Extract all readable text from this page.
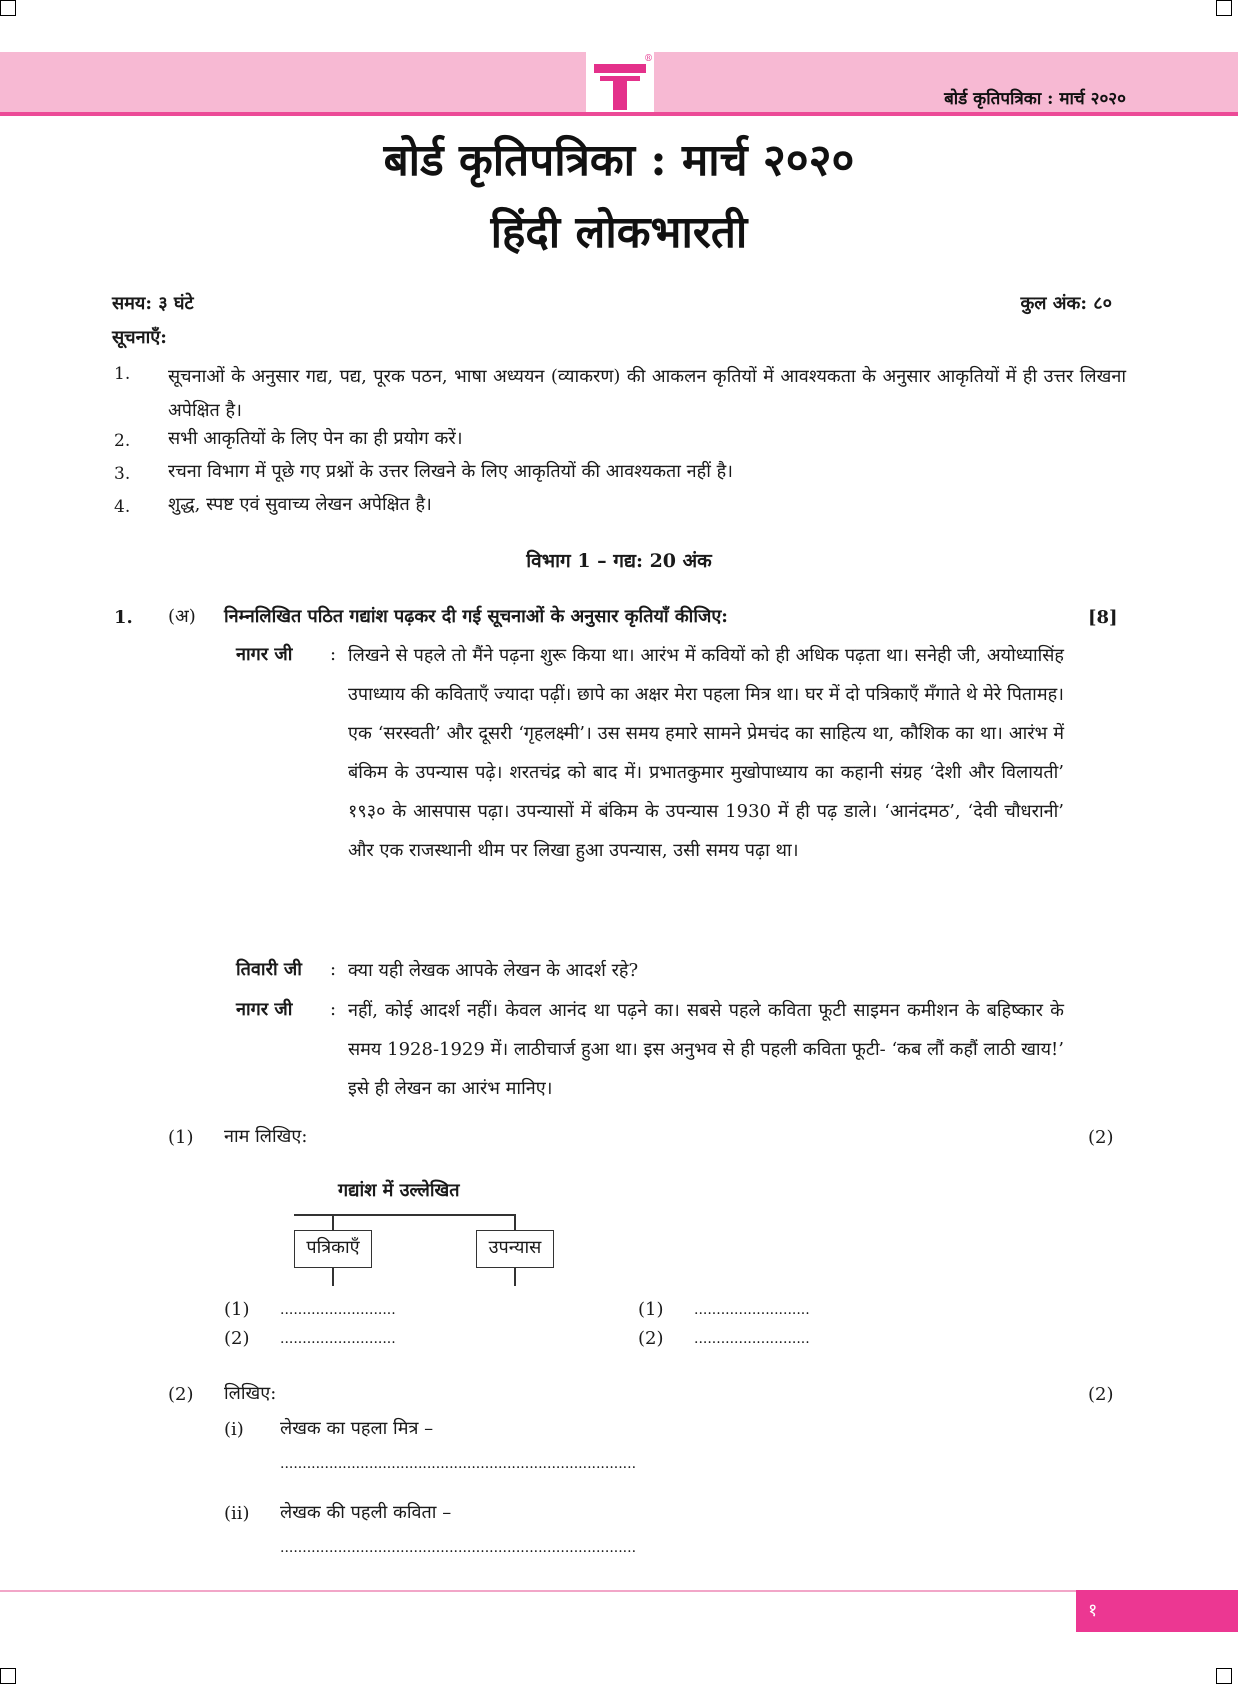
®
बोर्ड कृतिपत्रिका : मार्च २०२०
बोर्ड कृतिपत्रिका : मार्च २०२०
हिंदी लोकभारती
समय: ३ घंटे	कुल अंक: ८०
सूचनाएँ:
1. सूचनाओं के अनुसार गद्य, पद्य, पूरक पठन, भाषा अध्ययन (व्याकरण) की आकलन कृतियों में आवश्यकता के अनुसार आकृतियों में ही उत्तर लिखना अपेक्षित है।
2. सभी आकृतियों के लिए पेन का ही प्रयोग करें।
3. रचना विभाग में पूछे गए प्रश्नों के उत्तर लिखने के लिए आकृतियों की आवश्यकता नहीं है।
4. शुद्ध, स्पष्ट एवं सुवाच्य लेखन अपेक्षित है।
विभाग 1 – गद्य: 20 अंक
1. (अ) निम्नलिखित पठित गद्यांश पढ़कर दी गई सूचनाओं के अनुसार कृतियाँ कीजिए:	[8]
नागर जी : लिखने से पहले तो मैंने पढ़ना शुरू किया था। आरंभ में कवियों को ही अधिक पढ़ता था। सनेही जी, अयोध्यासिंह उपाध्याय की कविताएँ ज्यादा पढ़ीं। छापे का अक्षर मेरा पहला मित्र था। घर में दो पत्रिकाएँ मँगाते थे मेरे पितामह। एक ‘सरस्वती’ और दूसरी ‘गृहलक्ष्मी’। उस समय हमारे सामने प्रेमचंद का साहित्य था, कौशिक का था। आरंभ में बंकिम के उपन्यास पढ़े। शरतचंद्र को बाद में। प्रभातकुमार मुखोपाध्याय का कहानी संग्रह ‘देशी और विलायती’ १९३० के आसपास पढ़ा। उपन्यासों में बंकिम के उपन्यास 1930 में ही पढ़ डाले। ‘आनंदमठ’, ‘देवी चौधरानी’ और एक राजस्थानी थीम पर लिखा हुआ उपन्यास, उसी समय पढ़ा था।
तिवारी जी : क्या यही लेखक आपके लेखन के आदर्श रहे?
नागर जी : नहीं, कोई आदर्श नहीं। केवल आनंद था पढ़ने का। सबसे पहले कविता फूटी साइमन कमीशन के बहिष्कार के समय 1928-1929 में। लाठीचार्ज हुआ था। इस अनुभव से ही पहली कविता फूटी- ‘कब लौं कहौं लाठी खाय!’ इसे ही लेखन का आरंभ मानिए।
(1) नाम लिखिए:	(2)
गद्यांश में उल्लेखित
पत्रिकाएँ	उपन्यास
(1) ..........................
(2) ..........................
(1) ..........................
(2) ..........................
(2) लिखिए:	(2)
(i) लेखक का पहला मित्र –
................................................................................
(ii) लेखक की पहली कविता –
................................................................................
१
